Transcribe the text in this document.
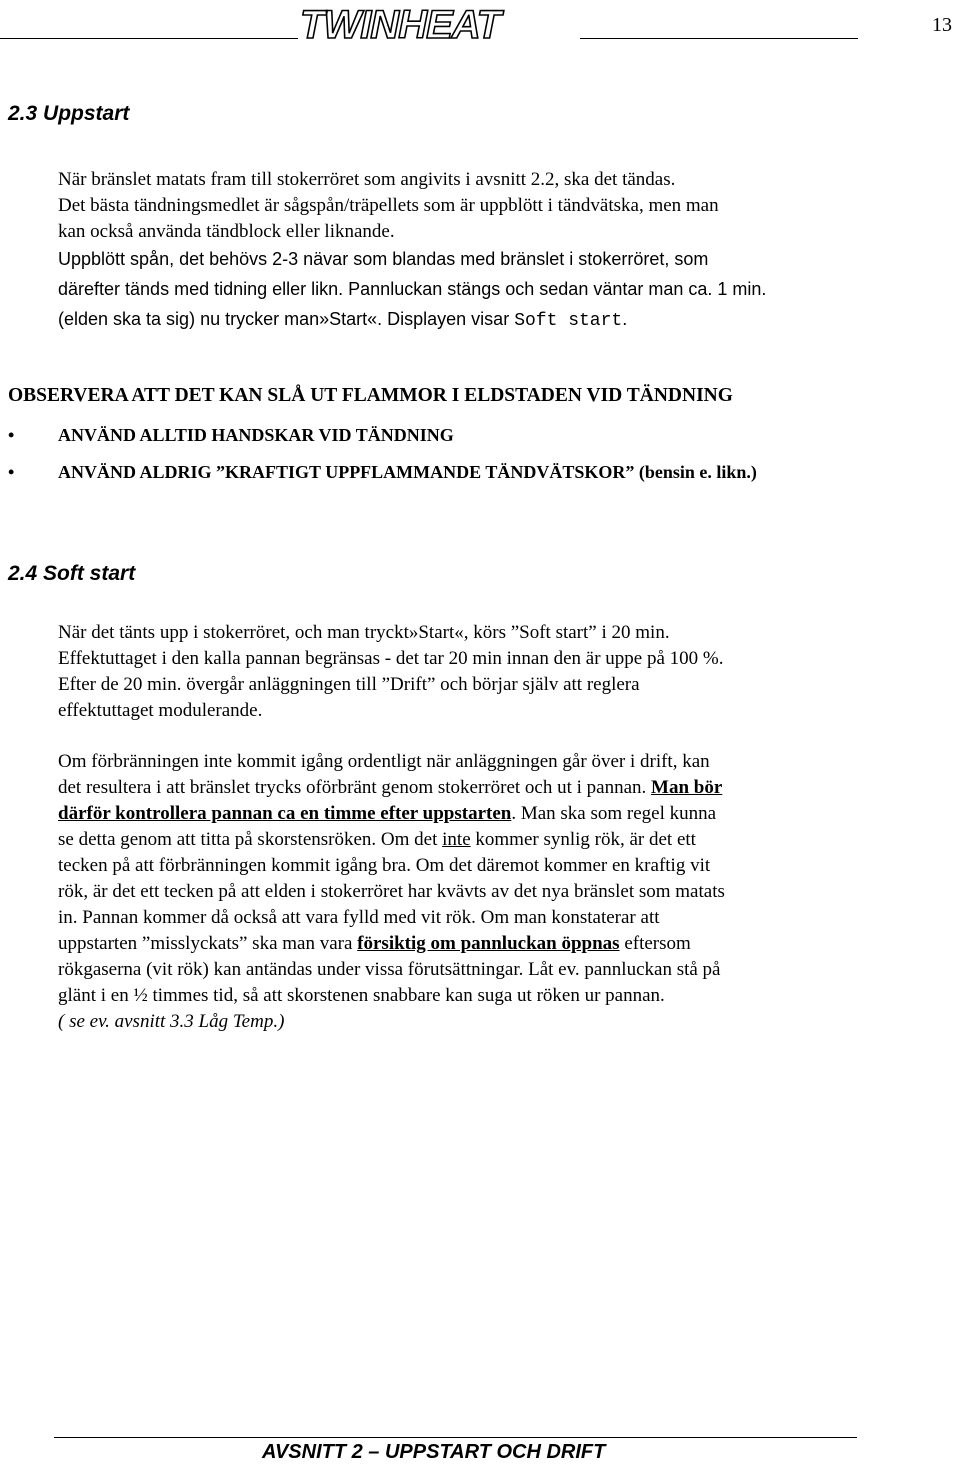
TWINHEAT	13
2.3 Uppstart
När bränslet matats fram till stokerröret som angivits i avsnitt 2.2, ska det tändas.
Det bästa tändningsmedlet är sågspån/träpellets som är uppblött i tändvätska, men man
kan också använda tändblock eller liknande.
Uppblött spån, det behövs 2-3 nävar som blandas med bränslet i stokerröret, som
därefter tänds med tidning eller likn. Pannluckan stängs och sedan väntar man ca. 1 min.
(elden ska ta sig) nu trycker man»Start«. Displayen visar Soft start.
OBSERVERA ATT DET KAN SLÅ UT FLAMMOR I ELDSTADEN VID TÄNDNING
• ANVÄND ALLTID HANDSKAR VID TÄNDNING
• ANVÄND ALDRIG ”KRAFTIGT UPPFLAMMANDE TÄNDVÄTSKOR” (bensin e. likn.)
2.4 Soft start
När det tänts upp i stokerröret, och man tryckt»Start«, körs ”Soft start” i 20 min.
Effektuttaget i den kalla pannan begränsas - det tar 20 min innan den är uppe på 100 %.
Efter de 20 min. övergår anläggningen till ”Drift” och börjar själv att reglera
effektuttaget modulerande.
Om förbränningen inte kommit igång ordentligt när anläggningen går över i drift, kan
det resultera i att bränslet trycks oförbränt genom stokerröret och ut i pannan. Man bör
därför kontrollera pannan ca en timme efter uppstarten. Man ska som regel kunna
se detta genom att titta på skorstensröken. Om det inte kommer synlig rök, är det ett
tecken på att förbränningen kommit igång bra. Om det däremot kommer en kraftig vit
rök, är det ett tecken på att elden i stokerröret har kvävts av det nya bränslet som matats
in. Pannan kommer då också att vara fylld med vit rök. Om man konstaterar att
uppstarten ”misslyckats” ska man vara försiktig om pannluckan öppnas eftersom
rökgaserna (vit rök) kan antändas under vissa förutsättningar. Låt ev. pannluckan stå på
glänt i en ½ timmes tid, så att skorstenen snabbare kan suga ut röken ur pannan.
( se ev. avsnitt 3.3 Låg Temp.)
AVSNITT 2 – UPPSTART OCH DRIFT
